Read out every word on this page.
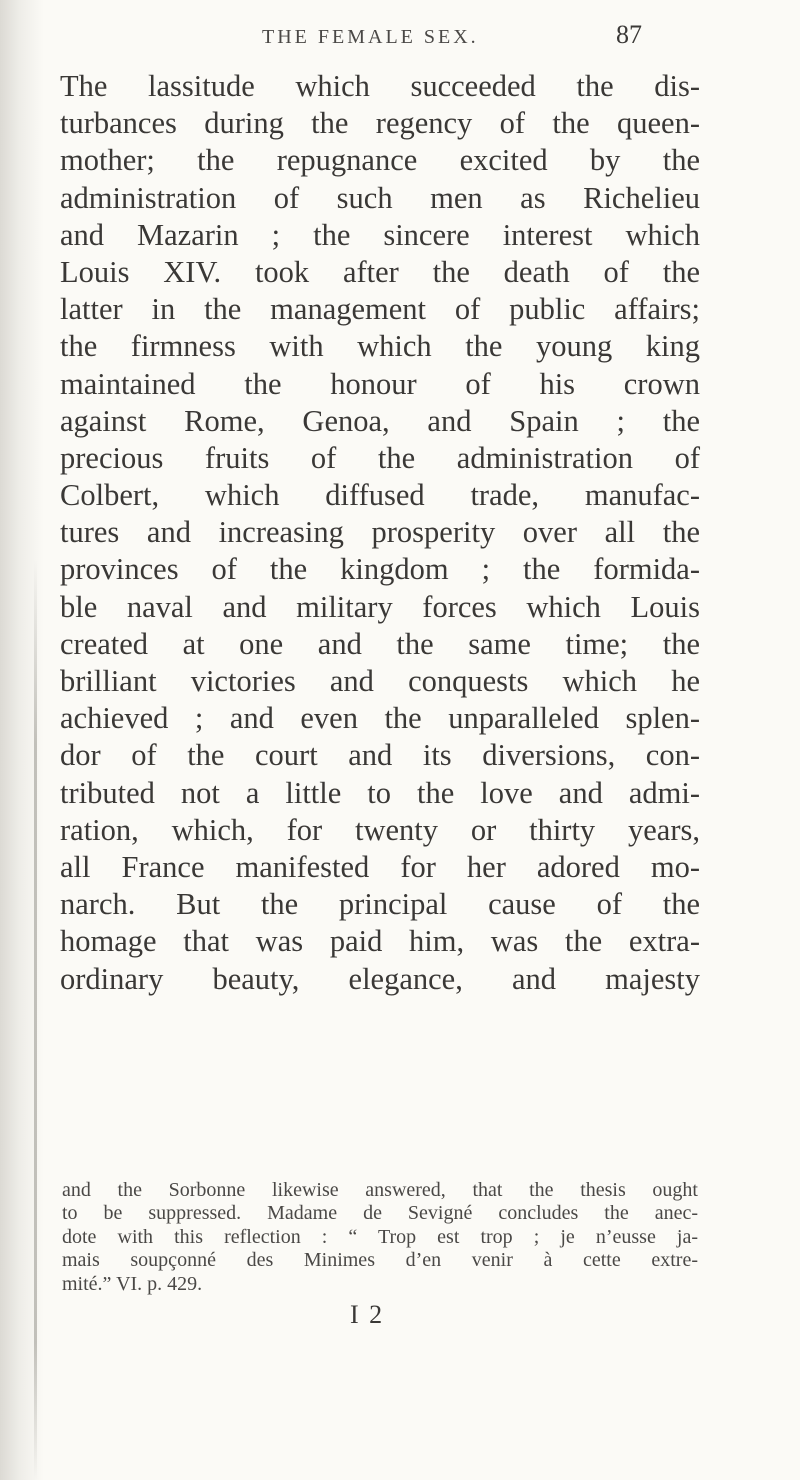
THE FEMALE SEX.	87
The lassitude which succeeded the dis-
turbances during the regency of the queen-
mother; the repugnance excited by the
administration of such men as Richelieu
and Mazarin ; the sincere interest which
Louis XIV. took after the death of the
latter in the management of public affairs;
the firmness with which the young king
maintained the honour of his crown
against Rome, Genoa, and Spain ; the
precious fruits of the administration of
Colbert, which diffused trade, manufac-
tures and increasing prosperity over all the
provinces of the kingdom ; the formida-
ble naval and military forces which Louis
created at one and the same time; the
brilliant victories and conquests which he
achieved ; and even the unparalleled splen-
dor of the court and its diversions, con-
tributed not a little to the love and admi-
ration, which, for twenty or thirty years,
all France manifested for her adored mo-
narch. But the principal cause of the
homage that was paid him, was the extra-
ordinary beauty, elegance, and majesty
and the Sorbonne likewise answered, that the thesis ought
to be suppressed. Madame de Sevigné concludes the anec-
dote with this reflection : “ Trop est trop ; je n’eusse ja-
mais soupçonné des Minimes d’en venir à cette extre-
mité.” VI. p. 429.
I 2
